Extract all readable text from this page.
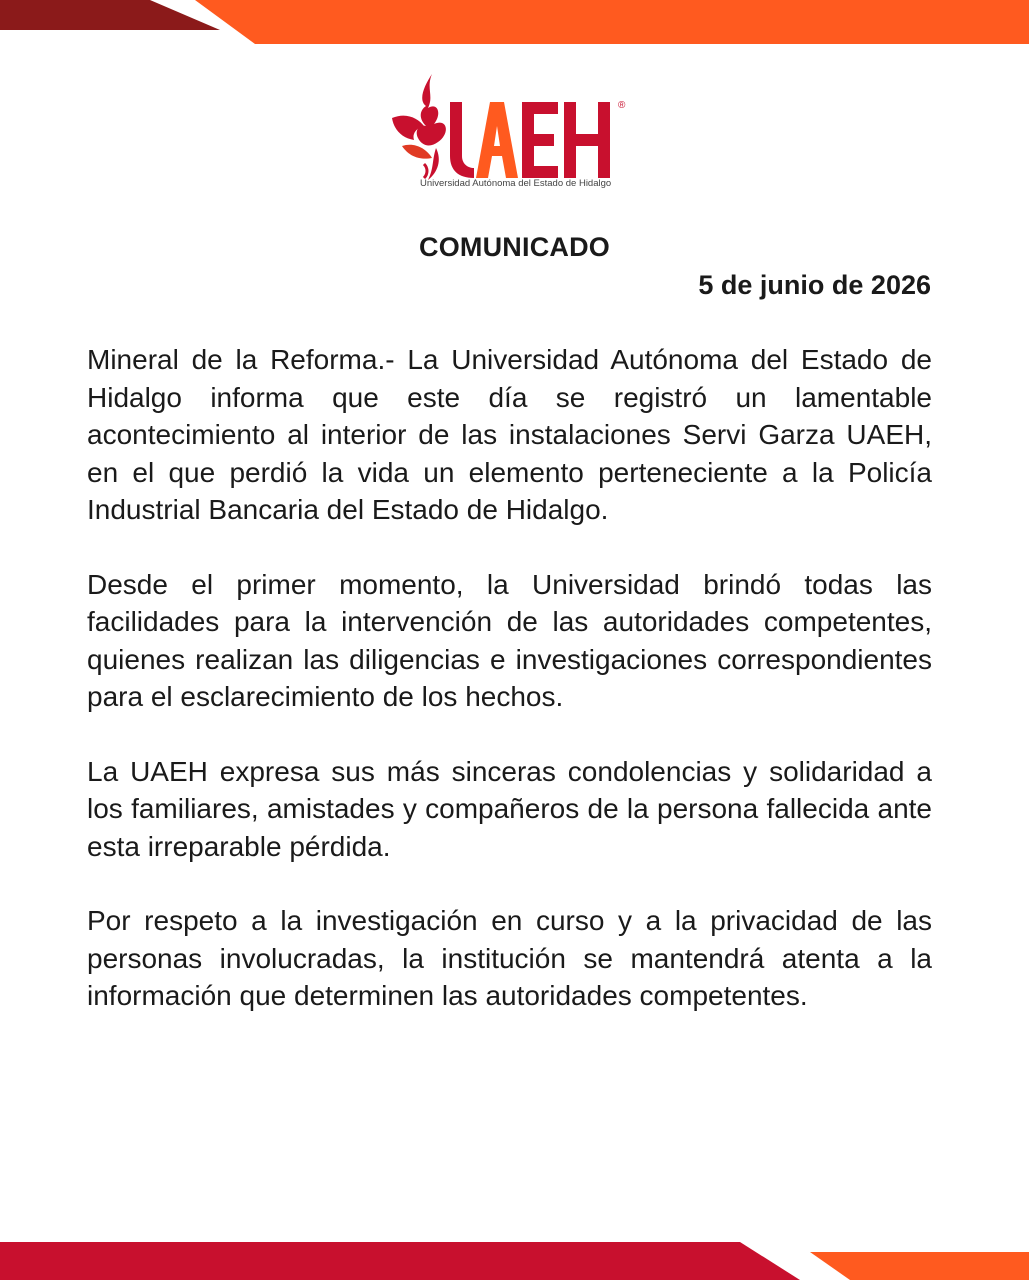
®
Universidad Autónoma del Estado de Hidalgo
COMUNICADO
5 de junio de 2026

Mineral de la Reforma.- La Universidad Autónoma del Estado de Hidalgo informa que este día se registró un lamentable acontecimiento al interior de las instalaciones Servi Garza UAEH, en el que perdió la vida un elemento perteneciente a la Policía Industrial Bancaria del Estado de Hidalgo.

Desde el primer momento, la Universidad brindó todas las facilidades para la intervención de las autoridades competentes, quienes realizan las diligencias e investigaciones correspondientes para el esclarecimiento de los hechos.

La UAEH expresa sus más sinceras condolencias y solidaridad a los familiares, amistades y compañeros de la persona fallecida ante esta irreparable pérdida.

Por respeto a la investigación en curso y a la privacidad de las personas involucradas, la institución se mantendrá atenta a la información que determinen las autoridades competentes.
